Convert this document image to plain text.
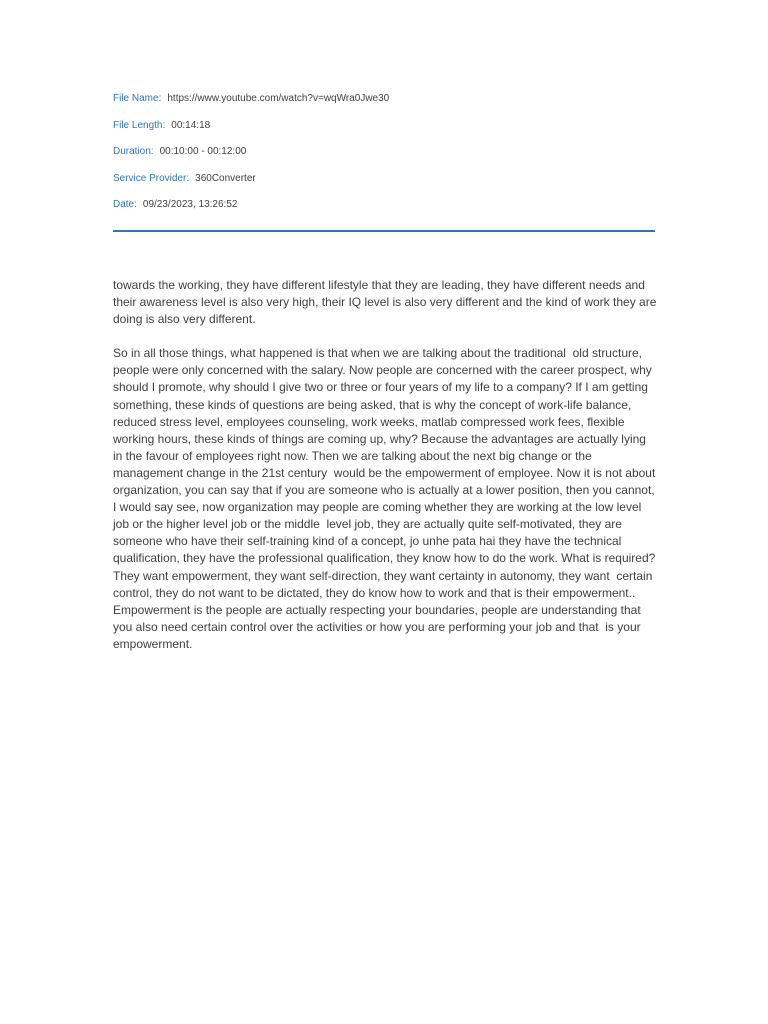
File Name: https://www.youtube.com/watch?v=wqWra0Jwe30
File Length: 00:14:18
Duration: 00:10:00 - 00:12:00
Service Provider: 360Converter
Date: 09/23/2023, 13:26:52

towards the working, they have different lifestyle that they are leading, they have different needs and their awareness level is also very high, their IQ level is also very different and the kind of work they are doing is also very different.

So in all those things, what happened is that when we are talking about the traditional  old structure, people were only concerned with the salary. Now people are concerned with the career prospect, why should I promote, why should I give two or three or four years of my life to a company? If I am getting something, these kinds of questions are being asked, that is why the concept of work-life balance, reduced stress level, employees counseling, work weeks, matlab compressed work fees, flexible working hours, these kinds of things are coming up, why? Because the advantages are actually lying in the favour of employees right now. Then we are talking about the next big change or the management change in the 21st century  would be the empowerment of employee. Now it is not about organization, you can say that if you are someone who is actually at a lower position, then you cannot, I would say see, now organization may people are coming whether they are working at the low level job or the higher level job or the middle  level job, they are actually quite self-motivated, they are someone who have their self-training kind of a concept, jo unhe pata hai they have the technical qualification, they have the professional qualification, they know how to do the work. What is required? They want empowerment, they want self-direction, they want certainty in autonomy, they want  certain control, they do not want to be dictated, they do know how to work and that is their empowerment.. Empowerment is the people are actually respecting your boundaries, people are understanding that you also need certain control over the activities or how you are performing your job and that  is your empowerment.
